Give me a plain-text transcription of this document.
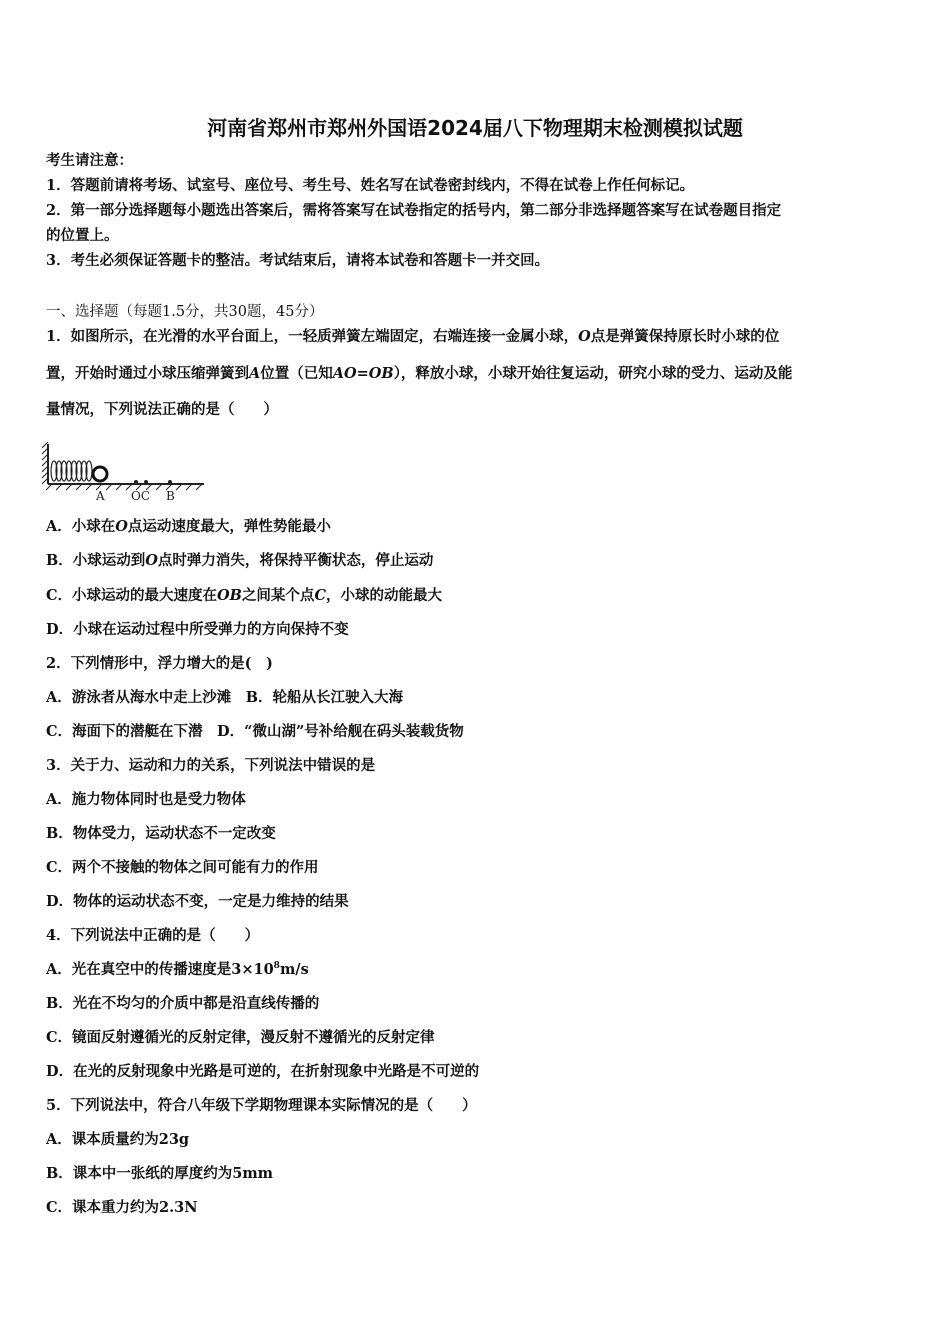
河南省郑州市郑州外国语2024届八下物理期末检测模拟试题
考生请注意：
1．答题前请将考场、试室号、座位号、考生号、姓名写在试卷密封线内，不得在试卷上作任何标记。
2．第一部分选择题每小题选出答案后，需将答案写在试卷指定的括号内，第二部分非选择题答案写在试卷题目指定
的位置上。
3．考生必须保证答题卡的整洁。考试结束后，请将本试卷和答题卡一并交回。
一、选择题（每题1.5分，共30题，45分）
1．如图所示，在光滑的水平台面上，一轻质弹簧左端固定，右端连接一金属小球，O点是弹簧保持原长时小球的位
置，开始时通过小球压缩弹簧到A位置（已知AO=OB），释放小球，小球开始往复运动，研究小球的受力、运动及能
量情况，下列说法正确的是（　　）
A OC B
A．小球在O点运动速度最大，弹性势能最小
B．小球运动到O点时弹力消失，将保持平衡状态，停止运动
C．小球运动的最大速度在OB之间某个点C，小球的动能最大
D．小球在运动过程中所受弹力的方向保持不变
2．下列情形中，浮力增大的是(　)
A．游泳者从海水中走上沙滩　B．轮船从长江驶入大海
C．海面下的潜艇在下潜　D．“微山湖”号补给舰在码头装载货物
3．关于力、运动和力的关系，下列说法中错误的是
A．施力物体同时也是受力物体
B．物体受力，运动状态不一定改变
C．两个不接触的物体之间可能有力的作用
D．物体的运动状态不变，一定是力维持的结果
4．下列说法中正确的是（　　）
A．光在真空中的传播速度是$3\times 10^8m/s$
B．光在不均匀的介质中都是沿直线传播的
C．镜面反射遵循光的反射定律，漫反射不遵循光的反射定律
D．在光的反射现象中光路是可逆的，在折射现象中光路是不可逆的
5．下列说法中，符合八年级下学期物理课本实际情况的是（　　）
A．课本质量约为23g
B．课本中一张纸的厚度约为5mm
C．课本重力约为2.3N
